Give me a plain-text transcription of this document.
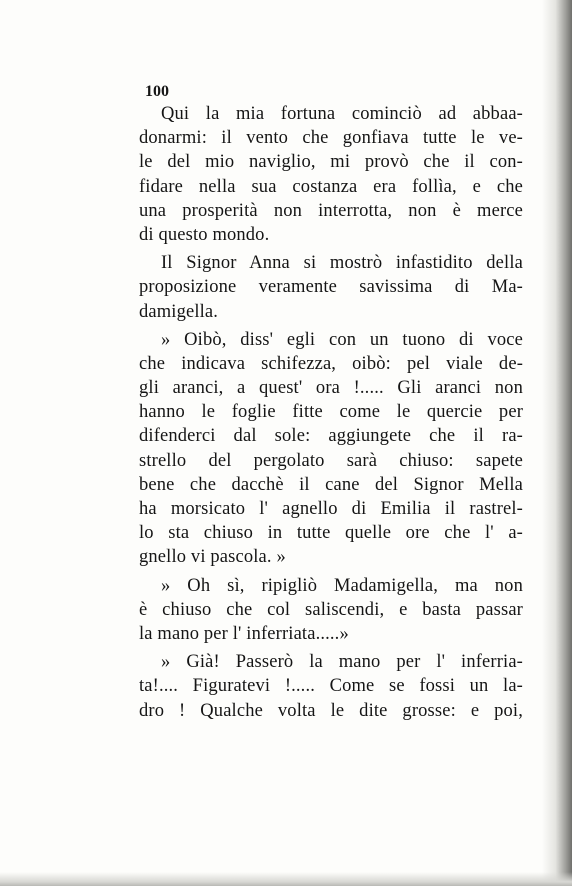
100
Qui la mia fortuna cominciò ad abbaa-
donarmi: il vento che gonfiava tutte le ve-
le del mio naviglio, mi provò che il con-
fidare nella sua costanza era follìa, e che
una prosperità non interrotta, non è merce
di questo mondo.
Il Signor Anna si mostrò infastidito della
proposizione veramente savissima di Ma-
damigella.
» Oibò, diss' egli con un tuono di voce
che indicava schifezza, oibò: pel viale de-
gli aranci, a quest' ora !..... Gli aranci non
hanno le foglie fitte come le quercie per
difenderci dal sole: aggiungete che il ra-
strello del pergolato sarà chiuso: sapete
bene che dacchè il cane del Signor Mella
ha morsicato l' agnello di Emilia il rastrel-
lo sta chiuso in tutte quelle ore che l' a-
gnello vi pascola. »
» Oh sì, ripigliò Madamigella, ma non
è chiuso che col saliscendi, e basta passar
la mano per l' inferriata.....»
» Già! Passerò la mano per l' inferria-
ta!.... Figuratevi !..... Come se fossi un la-
dro ! Qualche volta le dite grosse: e poi,
